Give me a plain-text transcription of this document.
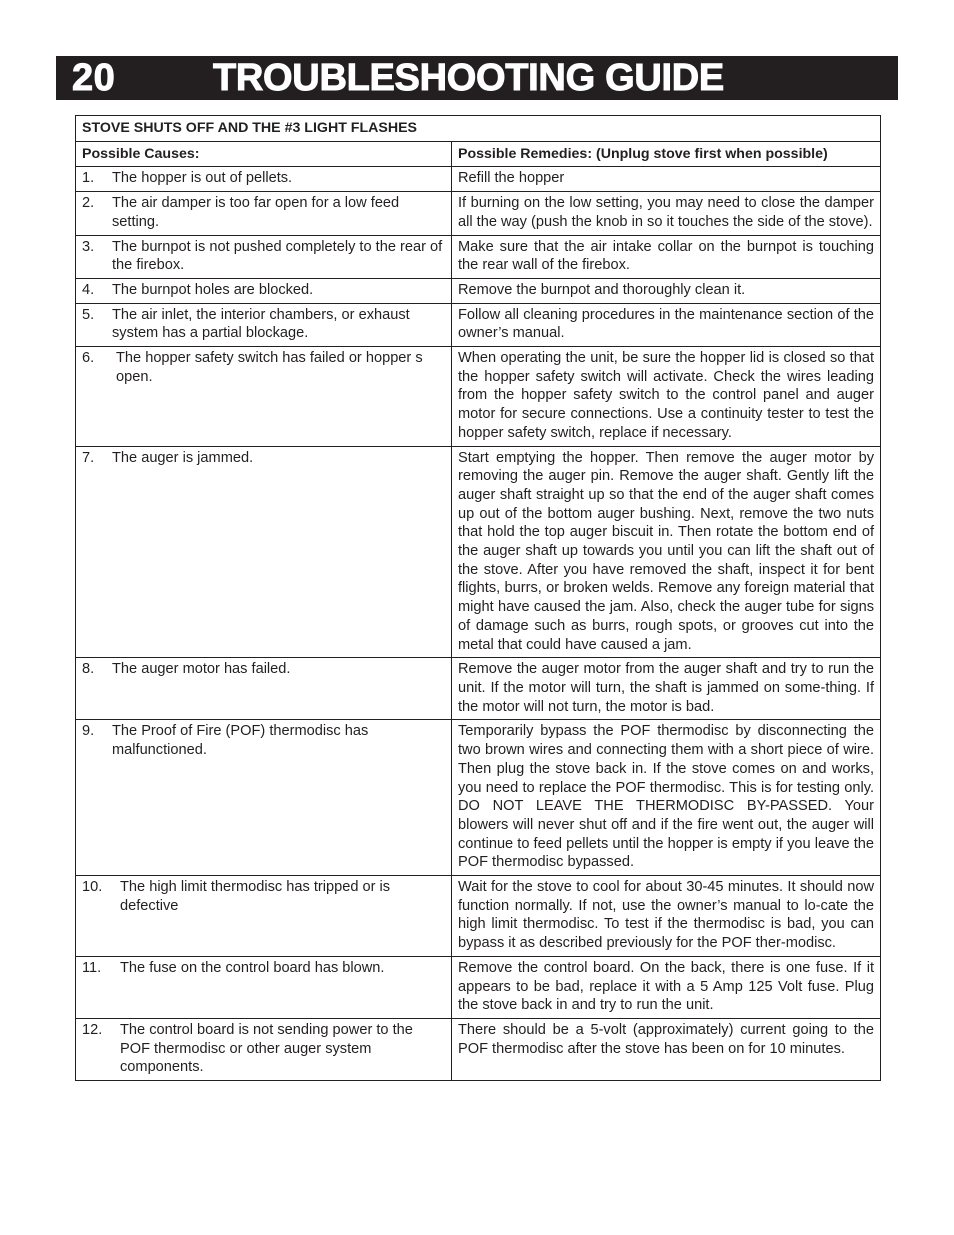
20	TROUBLESHOOTING GUIDE
STOVE SHUTS OFF AND THE #3 LIGHT FLASHES	
Possible Causes:	Possible Remedies: (Unplug stove first when possible)

1. The hopper is out of pellets.	Refill the hopper

2. The air damper is too far open for a low feed setting.	If burning on the low setting, you may need to close the damper all the way (push the knob in so it touches the side of the stove).

3. The burnpot is not pushed completely to the rear of the firebox.	Make sure that the air intake collar on the burnpot is touching the rear wall of the firebox.

4. The burnpot holes are blocked.	Remove the burnpot and thoroughly clean it.

5. The air inlet, the interior chambers, or exhaust system has a partial blockage.	Follow all cleaning procedures in the maintenance section of the owner’s manual.

6. The hopper safety switch has failed or hopper s open.	When operating the unit, be sure the hopper lid is closed so that the hopper safety switch will activate. Check the wires leading from the hopper safety switch to the control panel and auger motor for secure connections. Use a continuity tester to test the hopper safety switch, replace if necessary.

7. The auger is jammed.	Start emptying the hopper. Then remove the auger motor by removing the auger pin. Remove the auger shaft. Gently lift the auger shaft straight up so that the end of the auger shaft comes up out of the bottom auger bushing. Next, remove the two nuts that hold the top auger biscuit in. Then rotate the bottom end of the auger shaft up towards you until you can lift the shaft out of the stove. After you have removed the shaft, inspect it for bent flights, burrs, or broken welds. Remove any foreign material that might have caused the jam. Also, check the auger tube for signs of damage such as burrs, rough spots, or grooves cut into the metal that could have caused a jam.

8. The auger motor has failed.	Remove the auger motor from the auger shaft and try to run the unit. If the motor will turn, the shaft is jammed on some-thing. If the motor will not turn, the motor is bad.

9. The Proof of Fire (POF) thermodisc has malfunctioned.	Temporarily bypass the POF thermodisc by disconnecting the two brown wires and connecting them with a short piece of wire. Then plug the stove back in. If the stove comes on and works, you need to replace the POF thermodisc. This is for testing only. DO NOT LEAVE THE THERMODISC BY-PASSED. Your blowers will never shut off and if the fire went out, the auger will continue to feed pellets until the hopper is empty if you leave the POF thermodisc bypassed.

10. The high limit thermodisc has tripped or is defective	Wait for the stove to cool for about 30-45 minutes. It should now function normally. If not, use the owner’s manual to lo-cate the high limit thermodisc. To test if the thermodisc is bad, you can bypass it as described previously for the POF ther-modisc.

11. The fuse on the control board has blown.	Remove the control board. On the back, there is one fuse. If it appears to be bad, replace it with a 5 Amp 125 Volt fuse. Plug the stove back in and try to run the unit.

12. The control board is not sending power to the POF thermodisc or other auger system components.	There should be a 5-volt (approximately) current going to the POF thermodisc after the stove has been on for 10 minutes.
